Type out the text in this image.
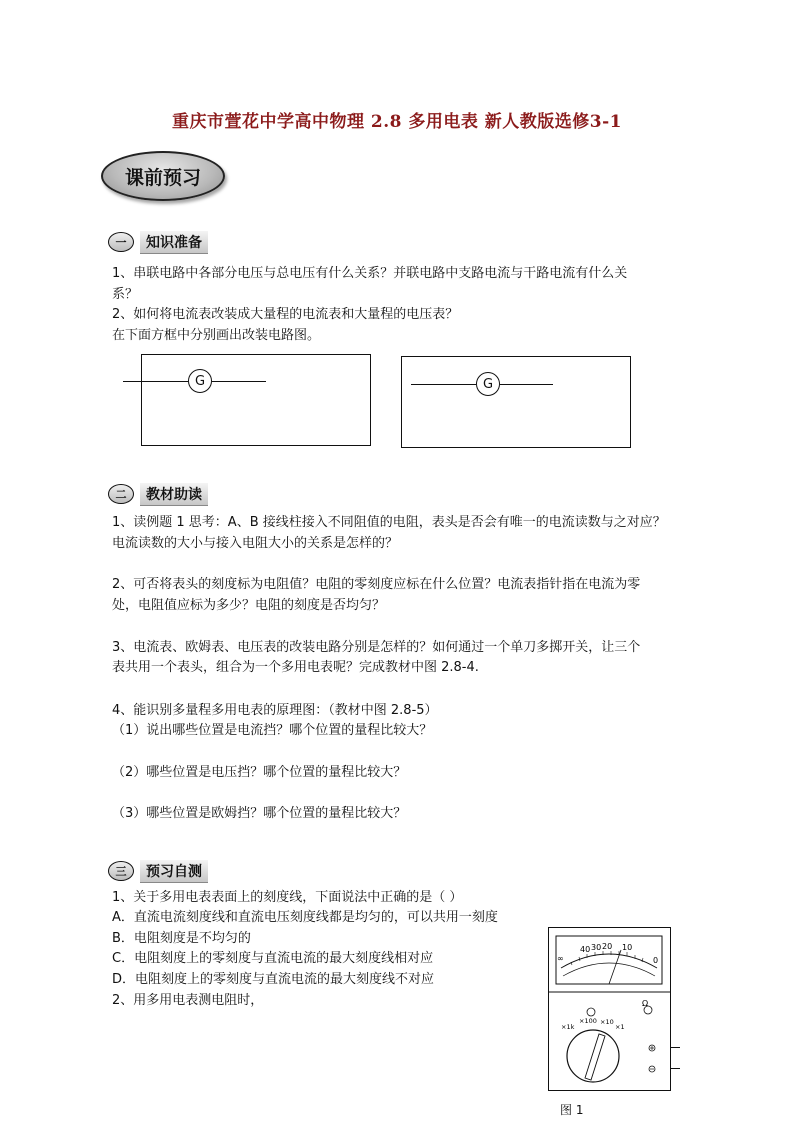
重庆市萱花中学高中物理 2.8 多用电表 新人教版选修3-1
课前预习
一	知识准备
1、串联电路中各部分电压与总电压有什么关系？并联电路中支路电流与干路电流有什么关
系？
2、如何将电流表改装成大量程的电流表和大量程的电压表？
在下面方框中分别画出改装电路图。
G	G
二	教材助读
1、读例题 1 思考：A、B 接线柱接入不同阻值的电阻，表头是否会有唯一的电流读数与之对应？
电流读数的大小与接入电阻大小的关系是怎样的？
2、可否将表头的刻度标为电阻值？电阻的零刻度应标在什么位置？电流表指针指在电流为零
处，电阻值应标为多少？电阻的刻度是否均匀？
3、电流表、欧姆表、电压表的改装电路分别是怎样的？如何通过一个单刀多掷开关，让三个
表共用一个表头，组合为一个多用电表呢？完成教材中图 2.8-4.
4、能识别多量程多用电表的原理图：（教材中图 2.8-5）
（1）说出哪些位置是电流挡？哪个位置的量程比较大？
（2）哪些位置是电压挡？哪个位置的量程比较大？
（3）哪些位置是欧姆挡？哪个位置的量程比较大？
三	预习自测
1、关于多用电表表面上的刻度线，下面说法中正确的是（ ）
A．直流电流刻度线和直流电压刻度线都是均匀的，可以共用一刻度
B．电阻刻度是不均匀的
C．电阻刻度上的零刻度与直流电流的最大刻度线相对应
D．电阻刻度上的零刻度与直流电流的最大刻度线不对应
2、用多用电表测电阻时，
∞
40 30 20 10
0
Ω
×1k
×100 ×10
×1
图 1
